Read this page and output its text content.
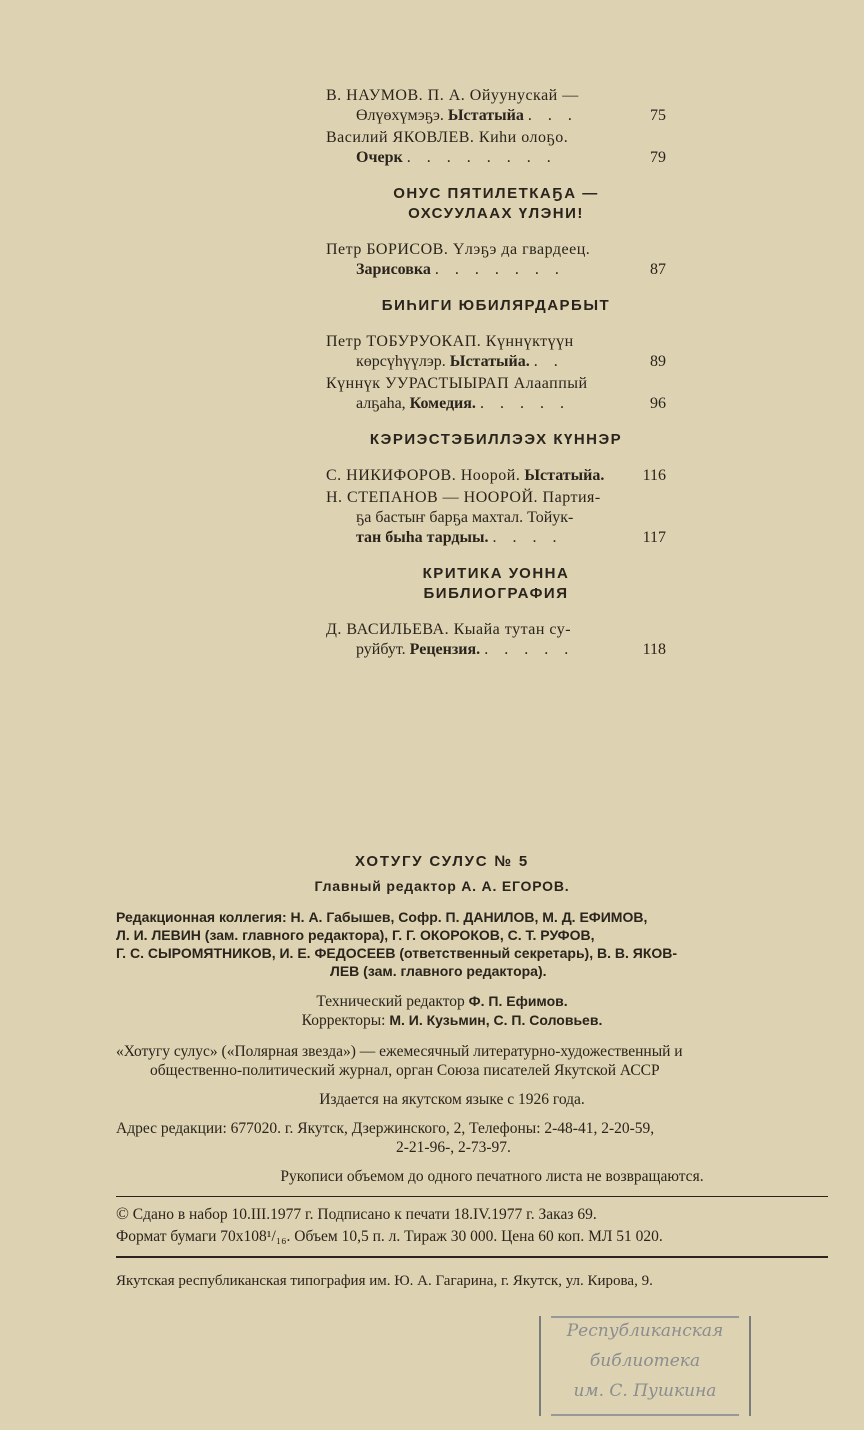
В. НАУМОВ. П. А. Ойуунускай —
Өлүөхүмэҕэ. Ыстатыйа . . .	75
Василий ЯКОВЛЕВ. Киһи олоҕо.
Очерк . . . . . . . .	79
ОНУС ПЯТИЛЕТКАҔА —
ОХСУУЛААХ ҮЛЭНИ!
Петр БОРИСОВ. Үлэҕэ да гвардеец.
Зарисовка . . . . . . .	87
БИҺИГИ ЮБИЛЯРДАРБЫТ
Петр ТОБУРУОКАП. Күннүктүүн
көрсүһүүлэр. Ыстатыйа. . .	89
Күннүк УУРАСТЫЫРАП Алааппый
алҕаһа, Комедия. . . . . .	96
КЭРИЭСТЭБИЛЛЭЭХ КҮННЭР
С. НИКИФОРОВ. Ноорой. Ыстатыйа. 116
Н. СТЕПАНОВ — НООРОЙ. Партия-
ҕа бастыҥ барҕа махтал. Тойук-
тан быһа тардыы. . . . .	117
КРИТИКА УОННА
БИБЛИОГРАФИЯ
Д. ВАСИЛЬЕВА. Кыайа тутан су-
руйбут. Рецензия. . . . . .	118
ХОТУГУ СУЛУС № 5
Главный редактор А. А. ЕГОРОВ.
Редакционная коллегия: Н. А. Габышев, Софр. П. ДАНИЛОВ, М. Д. ЕФИМОВ,
Л. И. ЛЕВИН (зам. главного редактора), Г. Г. ОКОРОКОВ, С. Т. РУФОВ,
Г. С. СЫРОМЯТНИКОВ, И. Е. ФЕДОСЕЕВ (ответственный секретарь), В. В. ЯКОВ-
ЛЕВ (зам. главного редактора).
Технический редактор Ф. П. Ефимов.
Корректоры: М. И. Кузьмин, С. П. Соловьев.
«Хотугу сулус» («Полярная звезда») — ежемесячный литературно-художественный и
общественно-политический журнал, орган Союза писателей Якутской АССР
Издается на якутском языке с 1926 года.
Адрес редакции: 677020. г. Якутск, Дзержинского, 2, Телефоны: 2-48-41, 2-20-59,
2-21-96-, 2-73-97.
Рукописи объемом до одного печатного листа не возвращаются.
© Сдано в набор 10.III.1977 г. Подписано к печати 18.IV.1977 г. Заказ 69.
Формат бумаги 70х108¹/₁₆. Объем 10,5 п. л. Тираж 30 000. Цена 60 коп. МЛ 51 020.
Якутская республиканская типография им. Ю. А. Гагарина, г. Якутск, ул. Кирова, 9.
Республиканская
библиотека
им. С. Пушкина
